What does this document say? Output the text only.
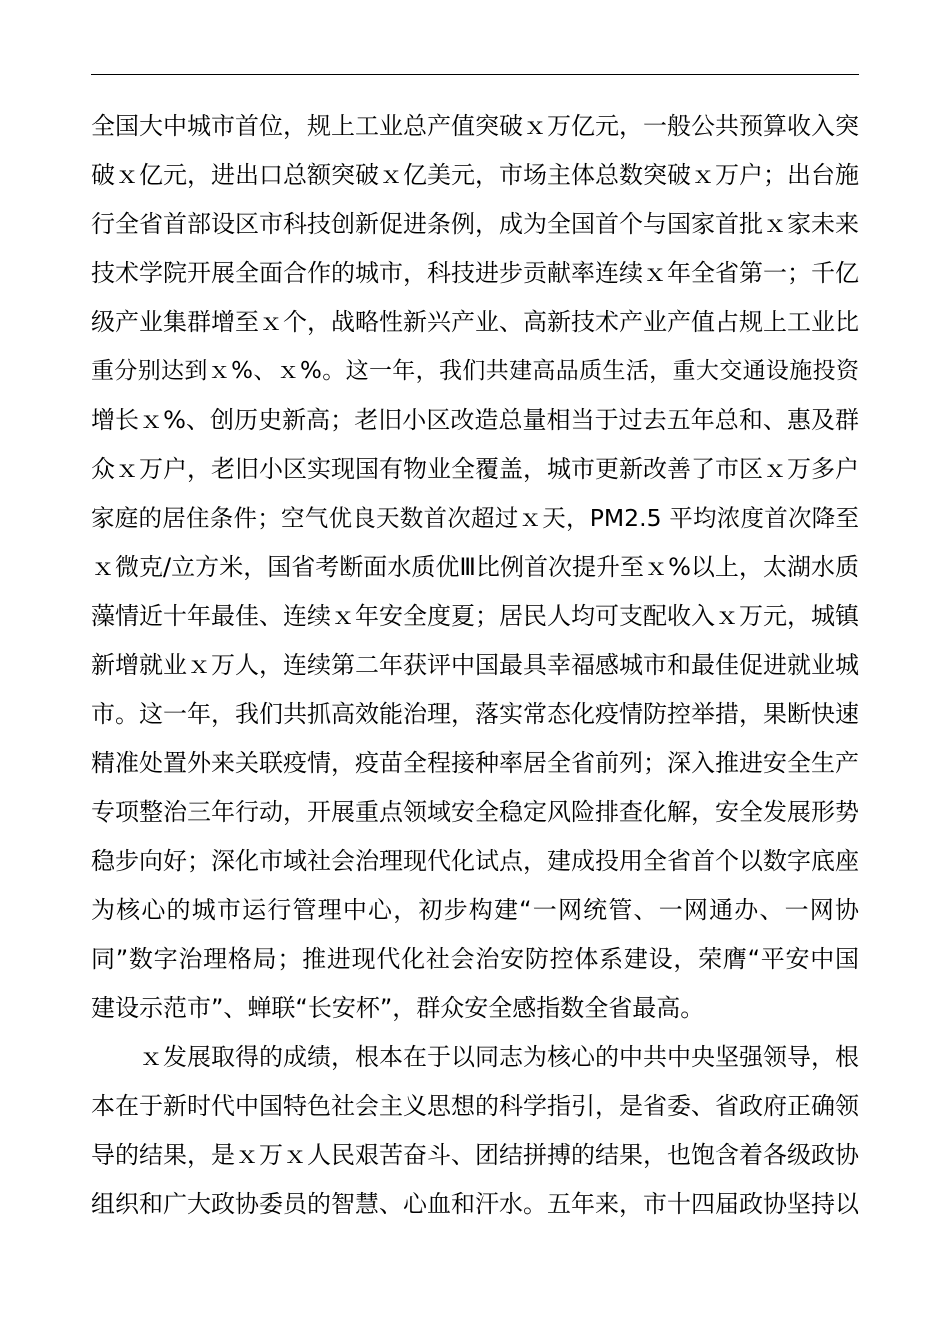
全国大中城市首位，规上工业总产值突破ｘ万亿元，一般公共预算收入突
破ｘ亿元，进出口总额突破ｘ亿美元，市场主体总数突破ｘ万户；出台施
行全省首部设区市科技创新促进条例，成为全国首个与国家首批ｘ家未来
技术学院开展全面合作的城市，科技进步贡献率连续ｘ年全省第一；千亿
级产业集群增至ｘ个，战略性新兴产业、高新技术产业产值占规上工业比
重分别达到ｘ%、ｘ%。这一年，我们共建高品质生活，重大交通设施投资
增长ｘ%、创历史新高；老旧小区改造总量相当于过去五年总和、惠及群
众ｘ万户，老旧小区实现国有物业全覆盖，城市更新改善了市区ｘ万多户
家庭的居住条件；空气优良天数首次超过ｘ天，PM2.5 平均浓度首次降至
ｘ微克/立方米，国省考断面水质优Ⅲ比例首次提升至ｘ%以上，太湖水质
藻情近十年最佳、连续ｘ年安全度夏；居民人均可支配收入ｘ万元，城镇
新增就业ｘ万人，连续第二年获评中国最具幸福感城市和最佳促进就业城
市。这一年，我们共抓高效能治理，落实常态化疫情防控举措，果断快速
精准处置外来关联疫情，疫苗全程接种率居全省前列；深入推进安全生产
专项整治三年行动，开展重点领域安全稳定风险排查化解，安全发展形势
稳步向好；深化市域社会治理现代化试点，建成投用全省首个以数字底座
为核心的城市运行管理中心，初步构建“一网统管、一网通办、一网协
同”数字治理格局；推进现代化社会治安防控体系建设，荣膺“平安中国
建设示范市”、蝉联“长安杯”，群众安全感指数全省最高。
ｘ发展取得的成绩，根本在于以同志为核心的中共中央坚强领导，根
本在于新时代中国特色社会主义思想的科学指引，是省委、省政府正确领
导的结果，是ｘ万ｘ人民艰苦奋斗、团结拼搏的结果，也饱含着各级政协
组织和广大政协委员的智慧、心血和汗水。五年来，市十四届政协坚持以
